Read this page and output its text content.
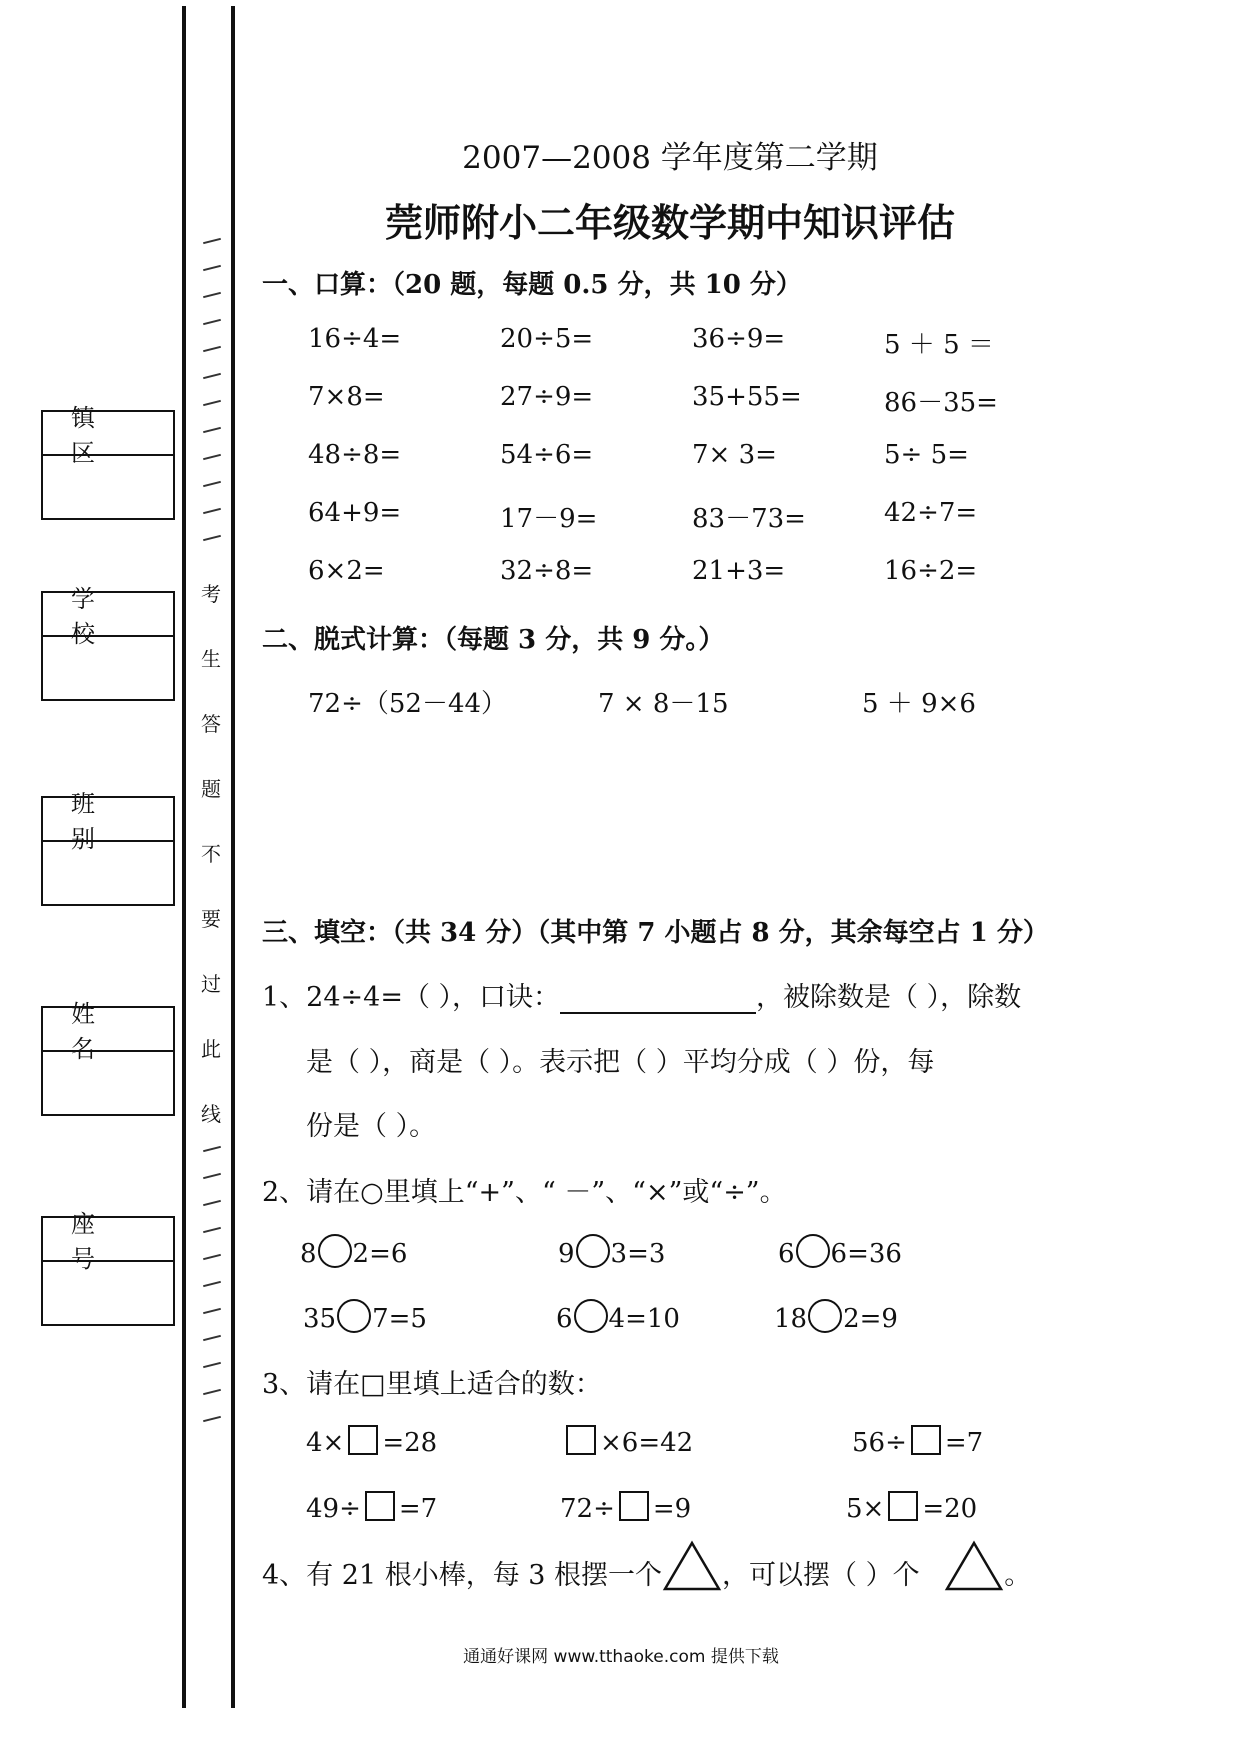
考
生
答
题
不
要
过
此
线
镇 区
学 校
班 别
姓 名
座 号
2007—2008 学年度第二学期
莞师附小二年级数学期中知识评估
一、口算：（20 题，每题 0.5 分，共 10 分）
16÷4=	20÷5=	36÷9=	5 ＋ 5 ＝
7×8=	27÷9=	35+55=	86－35=
48÷8=	54÷6=	7× 3=	5÷ 5=
64+9=	17－9=	83－73=	42÷7=
6×2=	32÷8=	21+3=	16÷2=
二、脱式计算：（每题 3 分，共 9 分。）
72÷（52－44）	7 × 8－15	5 ＋ 9×6
三、填空：（共 34 分）（其中第 7 小题占 8 分，其余每空占 1 分）
1、24÷4=（ ），口诀：	，被除数是（ ），除数
是（ ），商是（ ）。表示把（ ）平均分成（ ）份，每
份是（ ）。
2、请在○里填上“+”、“ －”、“×”或“÷”。
8 2=6	9 3=3	6 6=36
35 7=5	6 4=10	18 2=9
3、请在□里填上适合的数：
4× =28	×6=42	56÷ =7
49÷ =7	72÷ =9	5× =20
4、有 21 根小棒，每 3 根摆一个 ，可以摆（ ）个	。
通通好课网 www.tthaoke.com 提供下载
